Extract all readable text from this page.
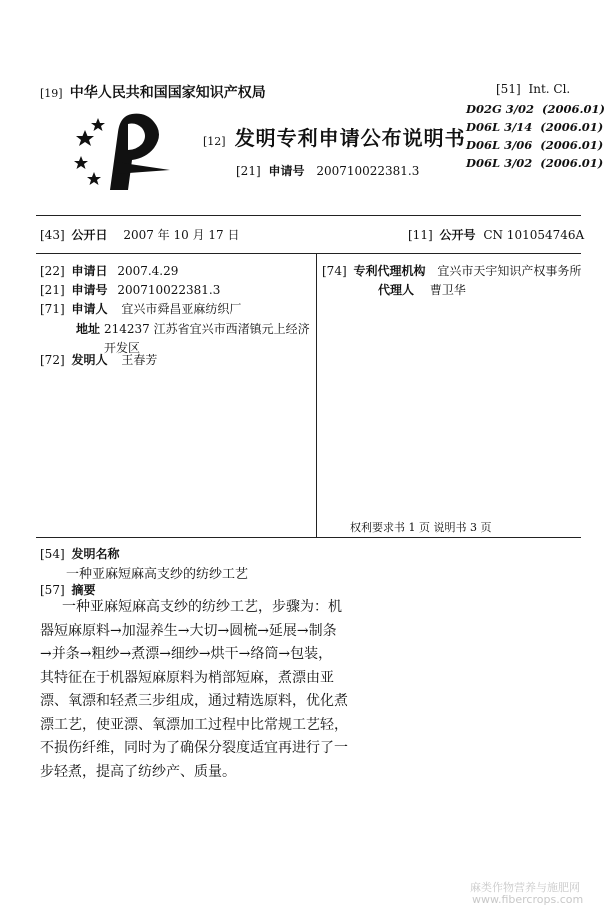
[19] 中华人民共和国国家知识产权局
[12] 发明专利申请公布说明书
[21] 申请号 200710022381.3
[51] Int. Cl.
D02G 3/02 (2006.01)
D06L 3/14 (2006.01)
D06L 3/06 (2006.01)
D06L 3/02 (2006.01)
[43] 公开日 2007 年 10 月 17 日	[11] 公开号 CN 101054746A
[22] 申请日 2007.4.29
[21] 申请号 200710022381.3
[71] 申请人 宜兴市舜昌亚麻纺织厂
地址 214237 江苏省宜兴市西渚镇元上经济
开发区
[72] 发明人 王春芳
[74] 专利代理机构 宜兴市天宇知识产权事务所
代理人 曹卫华
权利要求书 1 页 说明书 3 页
[54] 发明名称
一种亚麻短麻高支纱的纺纱工艺
[57] 摘要
一种亚麻短麻高支纱的纺纱工艺，步骤为：机
器短麻原料→加湿养生→大切→圆梳→延展→制条
→并条→粗纱→煮漂→细纱→烘干→络筒→包装，
其特征在于机器短麻原料为梢部短麻，煮漂由亚
漂、氧漂和轻煮三步组成，通过精选原料，优化煮
漂工艺，使亚漂、氧漂加工过程中比常规工艺轻，
不损伤纤维，同时为了确保分裂度适宜再进行了一
步轻煮，提高了纺纱产、质量。
麻类作物营养与施肥网
www.fibercrops.com
